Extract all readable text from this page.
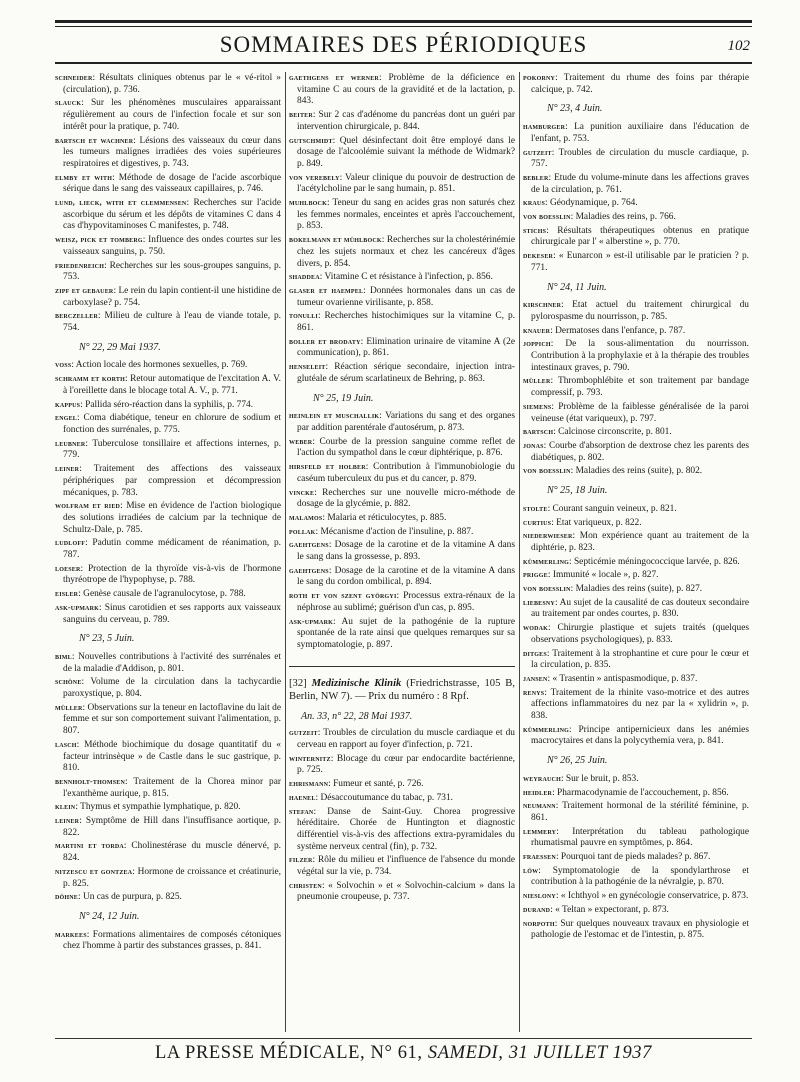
SOMMAIRES DES PÉRIODIQUES	102
schneider: Résultats cliniques obtenus par le « vé-ritol » (circulation), p. 736.
slauck: Sur les phénomènes musculaires apparaissant régulièrement au cours de l'infection focale et sur son intérêt pour la pratique, p. 740.
bartsch et wachner: Lésions des vaisseaux du cœur dans les tumeurs malignes irradiées des voies supérieures respiratoires et digestives, p. 743.
elmby et with: Méthode de dosage de l'acide ascorbique sérique dans le sang des vaisseaux capillaires, p. 746.
lund, lieck, with et clemmensen: Recherches sur l'acide ascorbique du sérum et les dépôts de vitamines C dans 4 cas d'hypovitaminoses C manifestes, p. 748.
weisz, pick et tomberg: Influence des ondes courtes sur les vaisseaux sanguins, p. 750.
friedenreich: Recherches sur les sous-groupes sanguins, p. 753.
zipf et gebauer: Le rein du lapin contient-il une histidine de carboxylase? p. 754.
berczeller: Milieu de culture à l'eau de viande totale, p. 754.
N° 22, 29 Mai 1937.
voss: Action locale des hormones sexuelles, p. 769.
schramm et korth: Retour automatique de l'excitation A. V. à l'oreillette dans le blocage total A. V., p. 771.
kappus: Pallida séro-réaction dans la syphilis, p. 774.
engel: Coma diabétique, teneur en chlorure de sodium et fonction des surrénales, p. 775.
leubner: Tuberculose tonsillaire et affections internes, p. 779.
leiner: Traitement des affections des vaisseaux périphériques par compression et décompression mécaniques, p. 783.
wolfram et ried: Mise en évidence de l'action biologique des solutions irradiées de calcium par la technique de Schultz-Dale, p. 785.
ludloff: Padutin comme médicament de réanimation, p. 787.
loeser: Protection de la thyroïde vis-à-vis de l'hormone thyréotrope de l'hypophyse, p. 788.
eisler: Genèse causale de l'agranulocytose, p. 788.
ask-upmark: Sinus carotidien et ses rapports aux vaisseaux sanguins du cerveau, p. 789.
N° 23, 5 Juin.
biml: Nouvelles contributions à l'activité des surrénales et de la maladie d'Addison, p. 801.
schöne: Volume de la circulation dans la tachycardie paroxystique, p. 804.
müller: Observations sur la teneur en lactoflavine du lait de femme et sur son comportement suivant l'alimentation, p. 807.
lasch: Méthode biochimique du dosage quantitatif du « facteur intrinsèque » de Castle dans le suc gastrique, p. 810.
bennholt-thomsen: Traitement de la Chorea minor par l'exanthème aurique, p. 815.
klein: Thymus et sympathie lymphatique, p. 820.
leiner: Symptôme de Hill dans l'insuffisance aortique, p. 822.
martini et torda: Cholinestérase du muscle dénervé, p. 824.
nitzescu et gontzea: Hormone de croissance et créatinurie, p. 825.
döhne: Un cas de purpura, p. 825.
N° 24, 12 Juin.
markees: Formations alimentaires de composés cétoniques chez l'homme à partir des substances grasses, p. 841.
gaethgens et werner: Problème de la déficience en vitamine C au cours de la gravidité et de la lactation, p. 843.
beiter: Sur 2 cas d'adénome du pancréas dont un guéri par intervention chirurgicale, p. 844.
gutschmidt: Quel désinfectant doit être employé dans le dosage de l'alcoolémie suivant la méthode de Widmark? p. 849.
von verebely: Valeur clinique du pouvoir de destruction de l'acétylcholine par le sang humain, p. 851.
muhlbock: Teneur du sang en acides gras non saturés chez les femmes normales, enceintes et après l'accouchement, p. 853.
bokelmann et mühlbock: Recherches sur la cholestérinémie chez les sujets normaux et chez les cancéreux d'âges divers, p. 854.
shaddea: Vitamine C et résistance à l'infection, p. 856.
glaser et haempel: Données hormonales dans un cas de tumeur ovarienne virilisante, p. 858.
tonulli: Recherches histochimiques sur la vitamine C, p. 861.
boller et brodaty: Elimination urinaire de vitamine A (2e communication), p. 861.
henseleit: Réaction sérique secondaire, injection intra-glutéale de sérum scarlatineux de Behring, p. 863.
N° 25, 19 Juin.
heinlein et muschallik: Variations du sang et des organes par addition parentérale d'autosérum, p. 873.
weber: Courbe de la pression sanguine comme reflet de l'action du sympathol dans le cœur diphtérique, p. 876.
hirsfeld et holber: Contribution à l'immunobiologie du caséum tuberculeux du pus et du cancer, p. 879.
vincke: Recherches sur une nouvelle micro-méthode de dosage de la glycémie, p. 882.
malamos: Malaria et réticulocytes, p. 885.
pollak: Mécanisme d'action de l'insuline, p. 887.
gaehtgens: Dosage de la carotine et de la vitamine A dans le sang dans la grossesse, p. 893.
gaehtgens: Dosage de la carotine et de la vitamine A dans le sang du cordon ombilical, p. 894.
roth et von szent györgyi: Processus extra-rénaux de la néphrose au sublimé; guérison d'un cas, p. 895.
ask-upmark: Au sujet de la pathogénie de la rupture spontanée de la rate ainsi que quelques remarques sur sa symptomatologie, p. 897.
[32] Medizinische Klinik (Friedrichstrasse, 105 B, Berlin, NW 7). — Prix du numéro : 8 Rpf.
An. 33, n° 22, 28 Mai 1937.
gutzeit: Troubles de circulation du muscle cardiaque et du cerveau en rapport au foyer d'infection, p. 721.
winternitz: Blocage du cœur par endocardite bactérienne, p. 725.
ehrismann: Fumeur et santé, p. 726.
haenel: Désaccoutumance du tabac, p. 731.
stefan: Danse de Saint-Guy. Chorea progressive héréditaire. Chorée de Huntington et diagnostic différentiel vis-à-vis des affections extra-pyramidales du système nerveux central (fin), p. 732.
filzer: Rôle du milieu et l'influence de l'absence du monde végétal sur la vie, p. 734.
christen: « Solvochin » et « Solvochin-calcium » dans la pneumonie croupeuse, p. 737.
pokorny: Traitement du rhume des foins par thérapie calcique, p. 742.
N° 23, 4 Juin.
hamburger: La punition auxiliaire dans l'éducation de l'enfant, p. 753.
gutzeit: Troubles de circulation du muscle cardiaque, p. 757.
bebler: Etude du volume-minute dans les affections graves de la circulation, p. 761.
kraus: Géodynamique, p. 764.
von boesslin: Maladies des reins, p. 766.
stichs: Résultats thérapeutiques obtenus en pratique chirurgicale par l' « alberstine », p. 770.
dekeser: « Eunarcon » est-il utilisable par le praticien ? p. 771.
N° 24, 11 Juin.
kirschner: Etat actuel du traitement chirurgical du pylorospasme du nourrisson, p. 785.
knauer: Dermatoses dans l'enfance, p. 787.
joppich: De la sous-alimentation du nourrisson. Contribution à la prophylaxie et à la thérapie des troubles intestinaux graves, p. 790.
müller: Thrombophlébite et son traitement par bandage compressif, p. 793.
siemens: Problème de la faiblesse généralisée de la paroi veineuse (état variqueux), p. 797.
bartsch: Calcinose circonscrite, p. 801.
jonas: Courbe d'absorption de dextrose chez les parents des diabétiques, p. 802.
von boesslin: Maladies des reins (suite), p. 802.
N° 25, 18 Juin.
stolte: Courant sanguin veineux, p. 821.
curtius: Etat variqueux, p. 822.
niederwieser: Mon expérience quant au traitement de la diphtérie, p. 823.
kümmerling: Septicémie méningococcique larvée, p. 826.
prigge: Immunité « locale », p. 827.
von boesslin: Maladies des reins (suite), p. 827.
liebesny: Au sujet de la causalité de cas douteux secondaire au traitement par ondes courtes, p. 830.
wodak: Chirurgie plastique et sujets traités (quelques observations psychologiques), p. 833.
ditges: Traitement à la strophantine et cure pour le cœur et la circulation, p. 835.
jansen: « Trasentin » antispasmodique, p. 837.
renys: Traitement de la rhinite vaso-motrice et des autres affections inflammatoires du nez par la « xylidrin », p. 838.
kümmerling: Principe antipernicieux dans les anémies macrocytaires et dans la polycythemia vera, p. 841.
N° 26, 25 Juin.
weyrauch: Sur le bruit, p. 853.
heidler: Pharmacodynamie de l'accouchement, p. 856.
neumann: Traitement hormonal de la stérilité féminine, p. 861.
lemmery: Interprétation du tableau pathologique rhumatismal pauvre en symptômes, p. 864.
fraessen: Pourquoi tant de pieds malades? p. 867.
löw: Symptomatologie de la spondylarthrose et contribution à la pathogénie de la névralgie, p. 870.
nieslony: « Ichthyol » en gynécologie conservatrice, p. 873.
durand: « Teltan » expectorant, p. 873.
norpoth: Sur quelques nouveaux travaux en physiologie et pathologie de l'estomac et de l'intestin, p. 875.
LA PRESSE MÉDICALE, N° 61, SAMEDI, 31 JUILLET 1937
